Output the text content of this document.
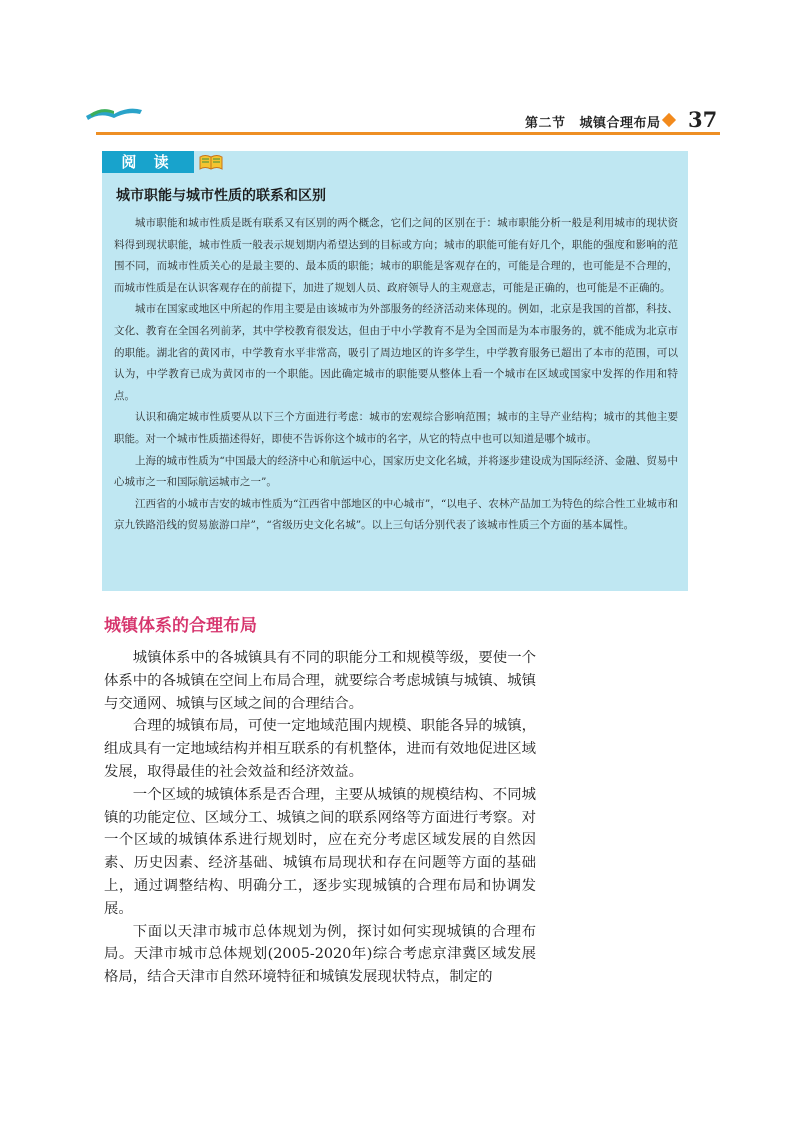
第二节 城镇合理布局 37
阅 读
城市职能与城市性质的联系和区别

城市职能和城市性质是既有联系又有区别的两个概念，它们之间的区别在于：城市职能分析一般是利用城市的现状资料得到现状职能，城市性质一般表示规划期内希望达到的目标或方向；城市的职能可能有好几个，职能的强度和影响的范围不同，而城市性质关心的是最主要的、最本质的职能；城市的职能是客观存在的，可能是合理的，也可能是不合理的，而城市性质是在认识客观存在的前提下，加进了规划人员、政府领导人的主观意志，可能是正确的，也可能是不正确的。

城市在国家或地区中所起的作用主要是由该城市为外部服务的经济活动来体现的。例如，北京是我国的首都，科技、文化、教育在全国名列前茅，其中学校教育很发达，但由于中小学教育不是为全国而是为本市服务的，就不能成为北京市的职能。湖北省的黄冈市，中学教育水平非常高，吸引了周边地区的许多学生，中学教育服务已超出了本市的范围，可以认为，中学教育已成为黄冈市的一个职能。因此确定城市的职能要从整体上看一个城市在区域或国家中发挥的作用和特点。

认识和确定城市性质要从以下三个方面进行考虑：城市的宏观综合影响范围；城市的主导产业结构；城市的其他主要职能。对一个城市性质描述得好，即使不告诉你这个城市的名字，从它的特点中也可以知道是哪个城市。

上海的城市性质为“中国最大的经济中心和航运中心，国家历史文化名城，并将逐步建设成为国际经济、金融、贸易中心城市之一和国际航运城市之一”。

江西省的小城市吉安的城市性质为“江西省中部地区的中心城市”，“以电子、农林产品加工为特色的综合性工业城市和京九铁路沿线的贸易旅游口岸”，“省级历史文化名城”。以上三句话分别代表了该城市性质三个方面的基本属性。

城镇体系的合理布局

城镇体系中的各城镇具有不同的职能分工和规模等级，要使一个体系中的各城镇在空间上布局合理，就要综合考虑城镇与城镇、城镇与交通网、城镇与区域之间的合理结合。

合理的城镇布局，可使一定地域范围内规模、职能各异的城镇，组成具有一定地域结构并相互联系的有机整体，进而有效地促进区域发展，取得最佳的社会效益和经济效益。

一个区域的城镇体系是否合理，主要从城镇的规模结构、不同城镇的功能定位、区域分工、城镇之间的联系网络等方面进行考察。对一个区域的城镇体系进行规划时，应在充分考虑区域发展的自然因素、历史因素、经济基础、城镇布局现状和存在问题等方面的基础上，通过调整结构、明确分工，逐步实现城镇的合理布局和协调发展。

下面以天津市城市总体规划为例，探讨如何实现城镇的合理布局。天津市城市总体规划(2005-2020年)综合考虑京津冀区域发展格局，结合天津市自然环境特征和城镇发展现状特点，制定的
